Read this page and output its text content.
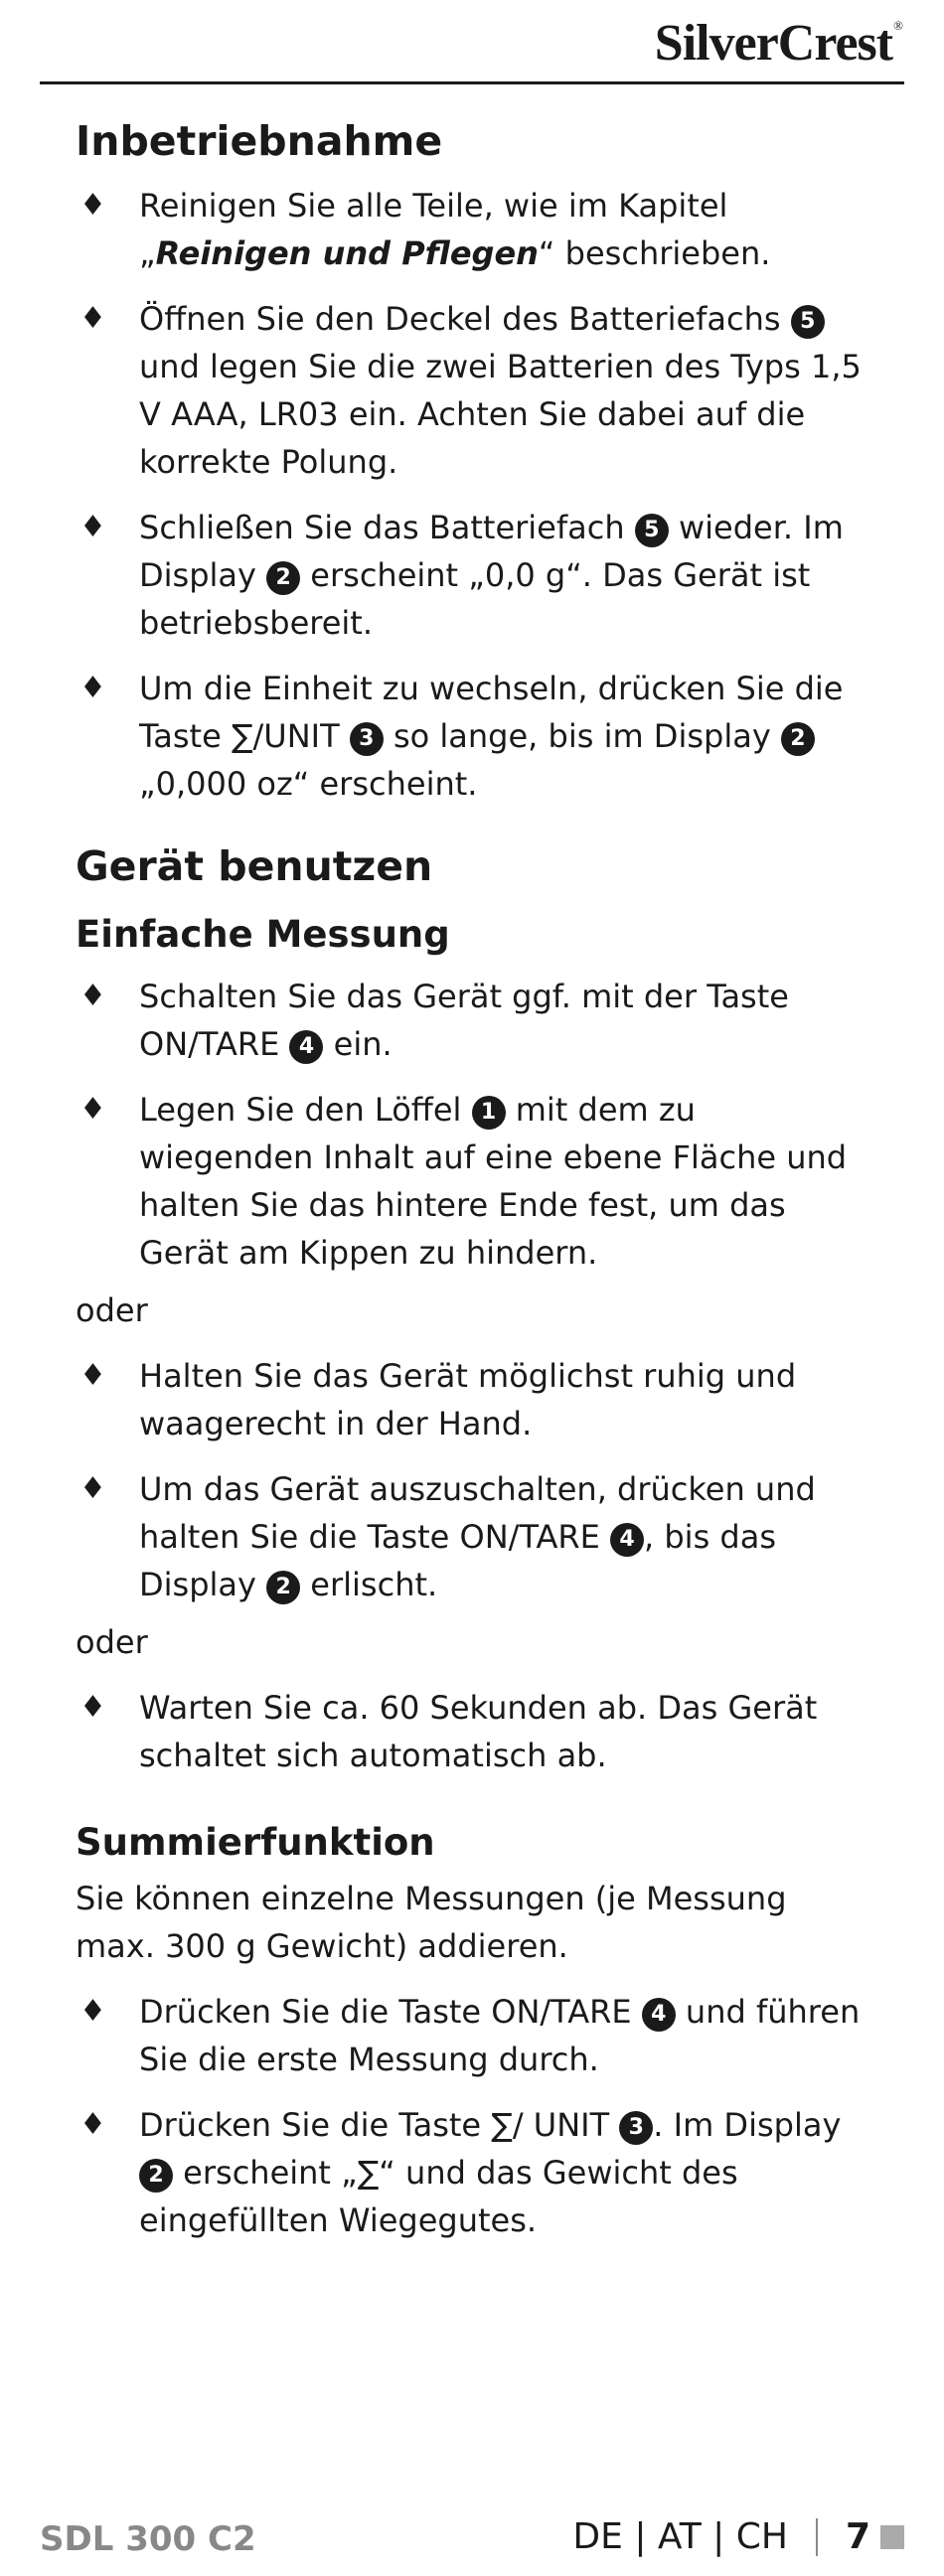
SilverCrest®
Inbetriebnahme
♦ Reinigen Sie alle Teile, wie im Kapitel „Reinigen und Pflegen“ beschrieben.
♦ Öffnen Sie den Deckel des Batteriefachs 5 und legen Sie die zwei Batterien des Typs 1,5 V AAA, LR03 ein. Achten Sie dabei auf die korrekte Polung.
♦ Schließen Sie das Batteriefach 5 wieder. Im Display 2 erscheint „0,0 g“. Das Gerät ist betriebsbereit.
♦ Um die Einheit zu wechseln, drücken Sie die Taste ∑/UNIT 3 so lange, bis im Display 2 „0,000 oz“ erscheint.
Gerät benutzen
Einfache Messung
♦ Schalten Sie das Gerät ggf. mit der Taste ON/TARE 4 ein.
♦ Legen Sie den Löffel 1 mit dem zu wiegenden Inhalt auf eine ebene Fläche und halten Sie das hintere Ende fest, um das Gerät am Kippen zu hindern.

oder

♦ Halten Sie das Gerät möglichst ruhig und waagerecht in der Hand.
♦ Um das Gerät auszuschalten, drücken und halten Sie die Taste ON/TARE 4 , bis das Display 2 erlischt.

oder

♦ Warten Sie ca. 60 Sekunden ab. Das Gerät schaltet sich automatisch ab.
Summierfunktion

Sie können einzelne Messungen (je Messung max. 300 g Gewicht) addieren.

♦ Drücken Sie die Taste ON/TARE 4 und führen Sie die erste Messung durch.
♦ Drücken Sie die Taste ∑/ UNIT 3 . Im Display 2 erscheint „∑“ und das Gewicht des eingefüllten Wiegegutes.
SDL 300 C2	DE | AT | CH 7
